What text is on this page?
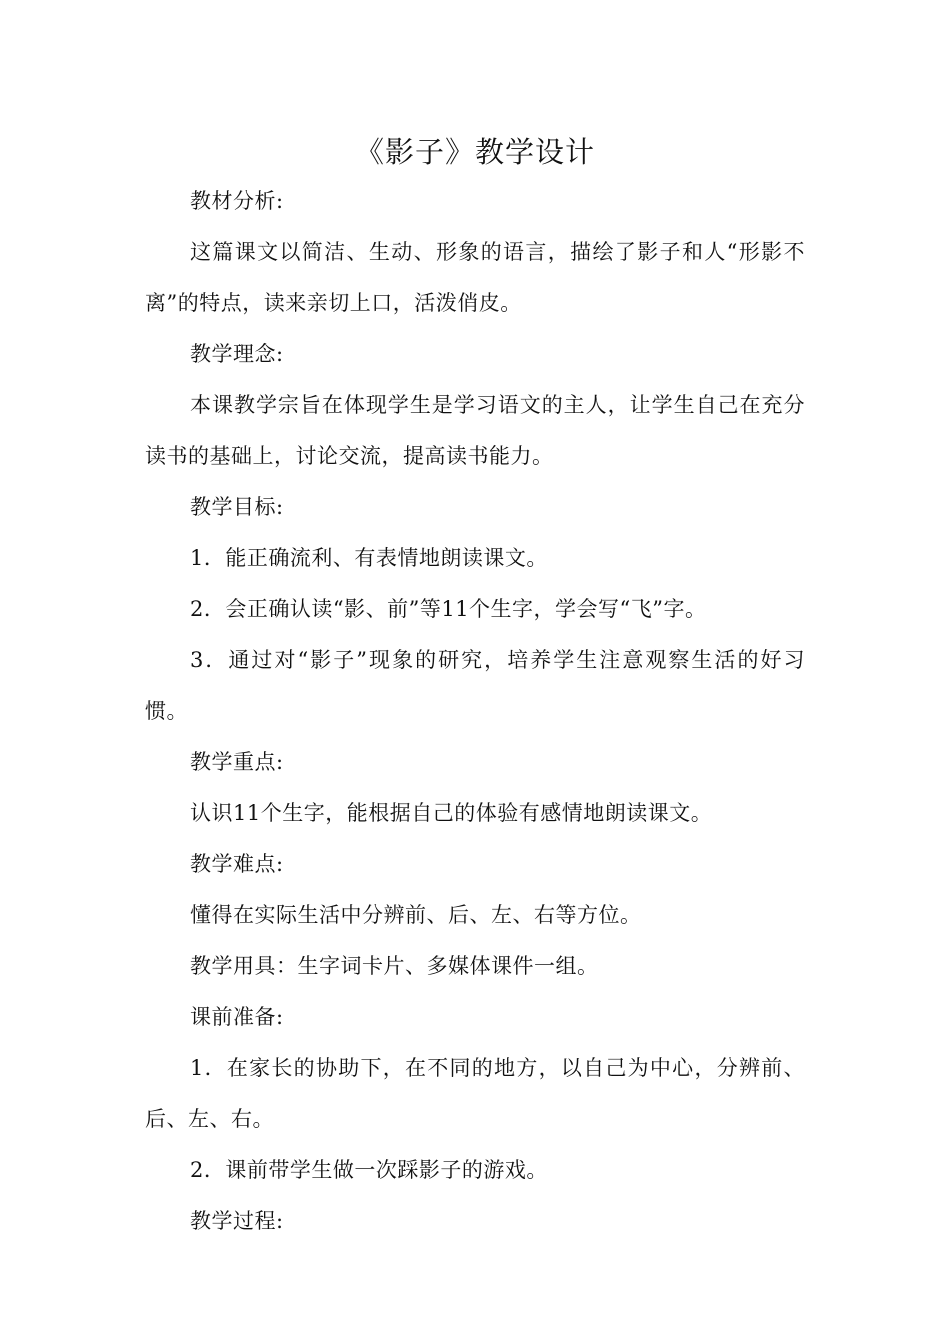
《影子》教学设计

教材分析:

这篇课文以简洁、生动、形象的语言，描绘了影子和人“形影不离”的特点，读来亲切上口，活泼俏皮。

教学理念:

本课教学宗旨在体现学生是学习语文的主人，让学生自己在充分读书的基础上，讨论交流，提高读书能力。

教学目标:

1．能正确流利、有表情地朗读课文。

2．会正确认读“影、前”等11个生字，学会写“飞”字。

3．通过对“影子”现象的研究，培养学生注意观察生活的好习惯。

教学重点:

认识11个生字，能根据自己的体验有感情地朗读课文。

教学难点:

懂得在实际生活中分辨前、后、左、右等方位。

教学用具：生字词卡片、多媒体课件一组。

课前准备:

1．在家长的协助下，在不同的地方，以自己为中心，分辨前、后、左、右。

2．课前带学生做一次踩影子的游戏。

教学过程:
